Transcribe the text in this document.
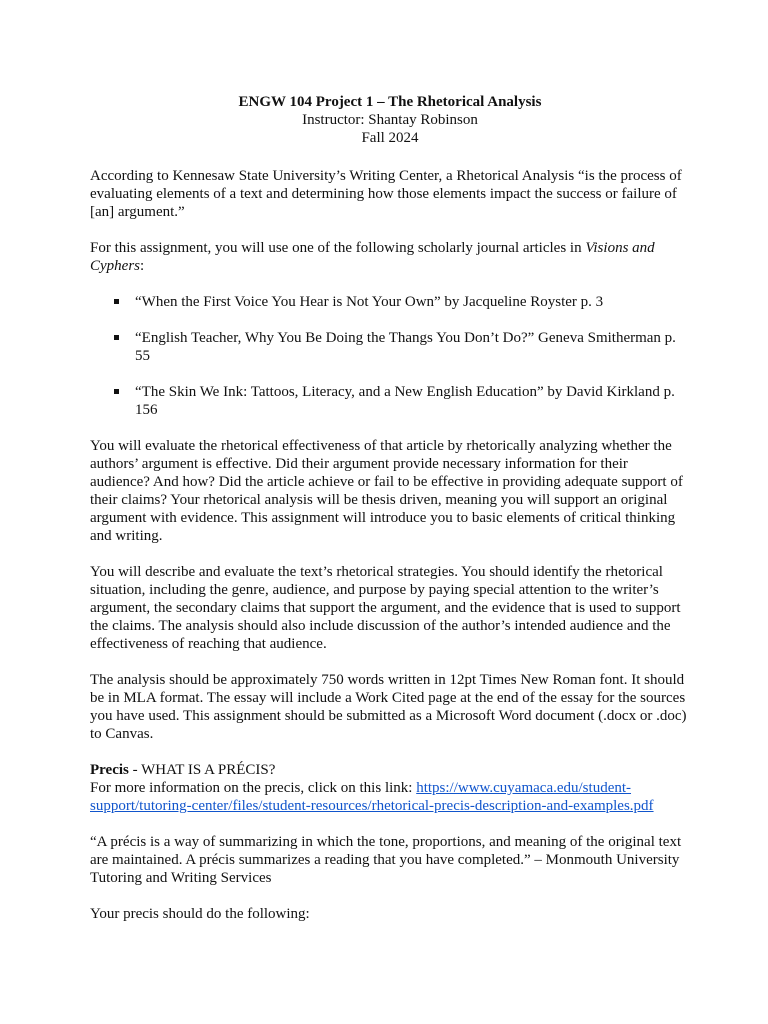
ENGW 104 Project 1 – The Rhetorical Analysis
Instructor: Shantay Robinson
Fall 2024

According to Kennesaw State University’s Writing Center, a Rhetorical Analysis “is the process of evaluating elements of a text and determining how those elements impact the success or failure of [an] argument.”

For this assignment, you will use one of the following scholarly journal articles in Visions and Cyphers:

“When the First Voice You Hear is Not Your Own” by Jacqueline Royster p. 3
“English Teacher, Why You Be Doing the Thangs You Don’t Do?” Geneva Smitherman p. 55
“The Skin We Ink: Tattoos, Literacy, and a New English Education” by David Kirkland p. 156

You will evaluate the rhetorical effectiveness of that article by rhetorically analyzing whether the authors’ argument is effective. Did their argument provide necessary information for their audience? And how? Did the article achieve or fail to be effective in providing adequate support of their claims? Your rhetorical analysis will be thesis driven, meaning you will support an original argument with evidence. This assignment will introduce you to basic elements of critical thinking and writing.

You will describe and evaluate the text’s rhetorical strategies. You should identify the rhetorical situation, including the genre, audience, and purpose by paying special attention to the writer’s argument, the secondary claims that support the argument, and the evidence that is used to support the claims. The analysis should also include discussion of the author’s intended audience and the effectiveness of reaching that audience.

The analysis should be approximately 750 words written in 12pt Times New Roman font. It should be in MLA format. The essay will include a Work Cited page at the end of the essay for the sources you have used. This assignment should be submitted as a Microsoft Word document (.docx or .doc) to Canvas.

Precis - WHAT IS A PRÉCIS?
For more information on the precis, click on this link: https://www.cuyamaca.edu/student-support/tutoring-center/files/student-resources/rhetorical-precis-description-and-examples.pdf

“A précis is a way of summarizing in which the tone, proportions, and meaning of the original text are maintained. A précis summarizes a reading that you have completed.” – Monmouth University Tutoring and Writing Services

Your precis should do the following:
